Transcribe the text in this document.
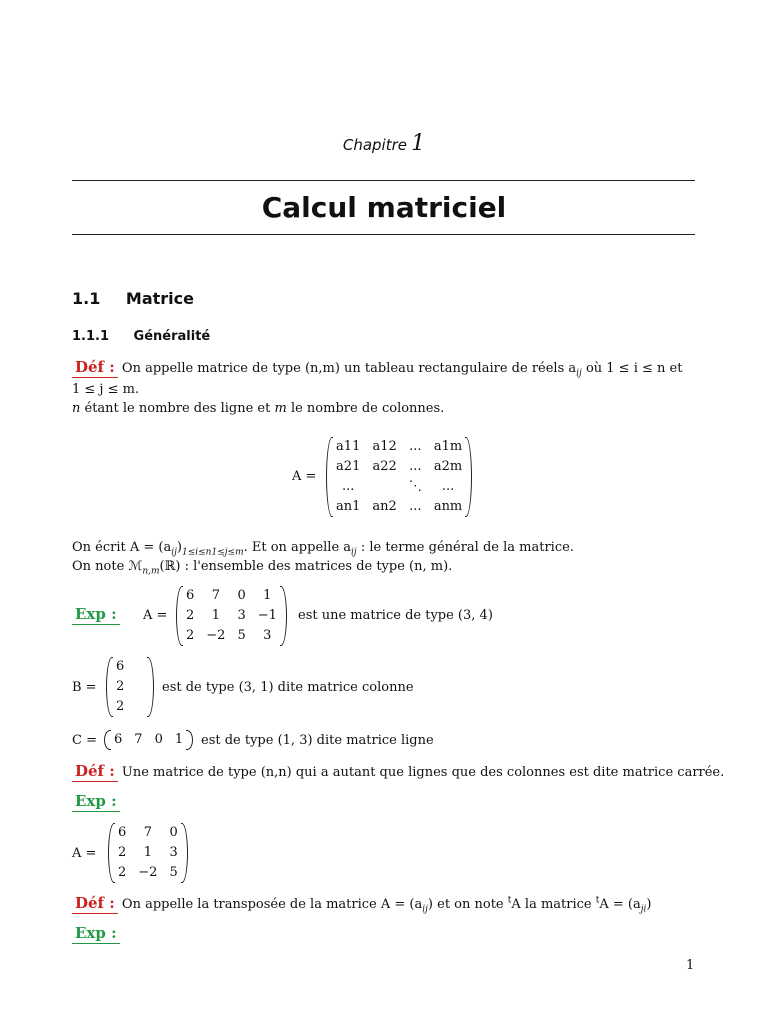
Chapitre 1
Calcul matriciel
1.1 Matrice
1.1.1 Généralité
Déf : On appelle matrice de type (n,m) un tableau rectangulaire de réels $a_{ij}$ où 1 ≤ i ≤ n et
1 ≤ j ≤ m.
n étant le nombre des ligne et m le nombre de colonnes.
A =
a11	a12	...	a1m
a21	a22	...	a2m
...		⋱	...
an1	an2	...	anm
On écrit $A = (a_{ij})_{1\le i\le n1\le j\le m}$. Et on appelle $a_{ij}$ : le terme général de la matrice.
On note ℳ$_{n,m}$(ℝ) : l'ensemble des matrices de type (n, m).
Exp : A =
6	7	0	1
2	1	3	−1
2	−2	5	3
est une matrice de type (3, 4)
B =
6
2
2
est de type (3, 1) dite matrice colonne
C = 6	7	0	1 est de type (1, 3) dite matrice ligne
Déf : Une matrice de type (n,n) qui a autant que lignes que des colonnes est dite matrice carrée.
Exp :
A =
6	7	0
2	1	3
2	−2	5
Déf : On appelle la transposée de la matrice $A = (a_{ij})$ et on note $^t$A la matrice $^tA = (a_{ji})$
Exp :
1
